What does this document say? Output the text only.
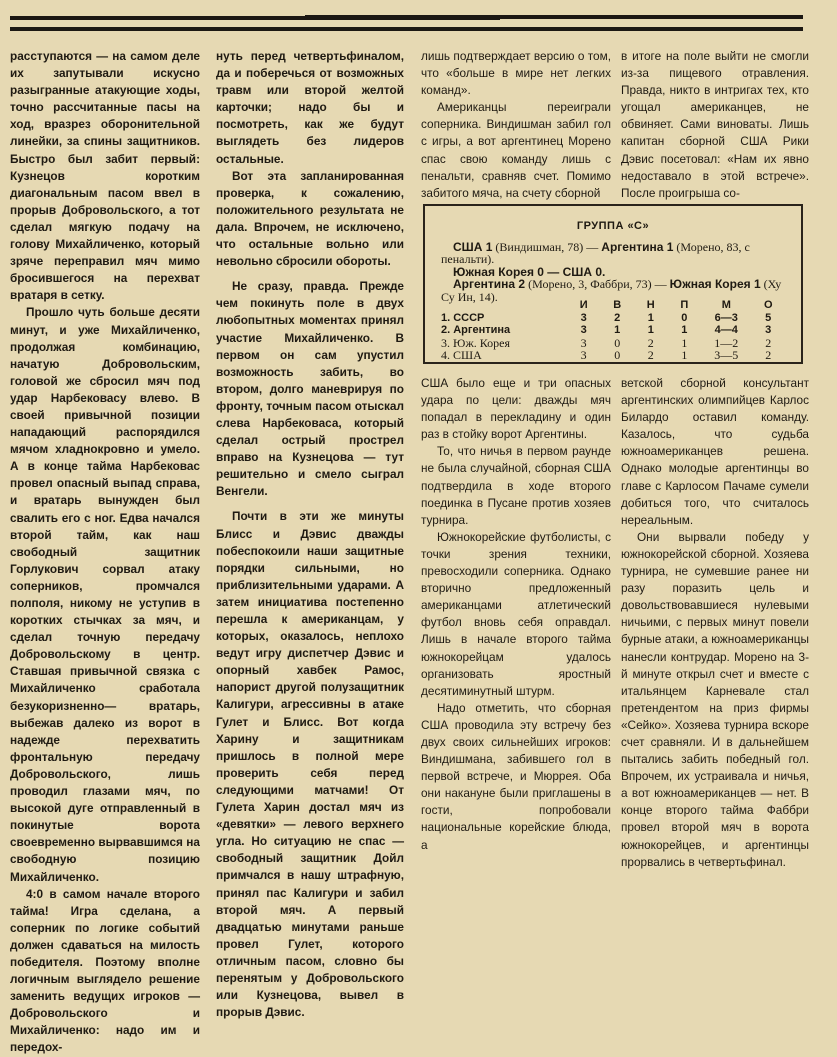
расступаются — на самом деле их запутывали искусно разыгранные атакующие ходы, точно рассчитанные пасы на ход, вразрез оборонительной линейки, за спины защитников. Быстро был забит первый: Кузнецов коротким диагональным пасом ввел в прорыв Добровольского, а тот сделал мягкую подачу на голову Михайличенко, который зряче переправил мяч мимо бросившегося на перехват вратаря в сетку.

Прошло чуть больше десяти минут, и уже Михайличенко, продолжая комбинацию, начатую Добровольским, головой же сбросил мяч под удар Нарбековасу влево. В своей привычной позиции нападающий распорядился мячом хладнокровно и умело. А в конце тайма Нарбековас провел опасный выпад справа, и вратарь вынужден был свалить его с ног. Едва начался второй тайм, как наш свободный защитник Горлукович сорвал атаку соперников, промчался полполя, никому не уступив в коротких стычках за мяч, и сделал точную передачу Добровольскому в центр. Ставшая привычной связка с Михайличенко сработала безукоризненно— вратарь, выбежав далеко из ворот в надежде перехватить фронтальную передачу Добровольского, лишь проводил глазами мяч, по высокой дуге отправленный в покинутые ворота своевременно вырвавшимся на свободную позицию Михайличенко.

4:0 в самом начале второго тайма! Игра сделана, а соперник по логике событий должен сдаваться на милость победителя. Поэтому вполне логичным выглядело решение заменить ведущих игроков — Добровольского и Михайличенко: надо им и передох-

нуть перед четвертьфиналом, да и поберечься от возможных травм или второй желтой карточки; надо бы и посмотреть, как же будут выглядеть без лидеров остальные.

Вот эта запланированная проверка, к сожалению, положительного результата не дала. Впрочем, не исключено, что остальные вольно или невольно сбросили обороты.

Не сразу, правда. Прежде чем покинуть поле в двух любопытных моментах принял участие Михайличенко. В первом он сам упустил возможность забить, во втором, долго маневрируя по фронту, точным пасом отыскал слева Нарбековаса, который сделал острый прострел вправо на Кузнецова — тут решительно и смело сыграл Венгели.

Почти в эти же минуты Блисс и Дэвис дважды побеспокоили наши защитные порядки сильными, но приблизительными ударами. А затем инициатива постепенно перешла к американцам, у которых, оказалось, неплохо ведут игру диспетчер Дэвис и опорный хавбек Рамос, напорист другой полузащитник Калигури, агрессивны в атаке Гулет и Блисс. Вот когда Харину и защитникам пришлось в полной мере проверить себя перед следующими матчами! От Гулета Харин достал мяч из «девятки» — левого верхнего угла. Но ситуацию не спас — свободный защитник Дойл примчался в нашу штрафную, принял пас Калигури и забил второй мяч. А первый двадцатью минутами раньше провел Гулет, которого отличным пасом, словно бы перенятым у Добровольского или Кузнецова, вывел в прорыв Дэвис.

лишь подтверждает версию о том, что «больше в мире нет легких команд».

Американцы переиграли соперника. Виндишман забил гол с игры, а вот аргентинец Морено спас свою команду лишь с пенальти, сравняв счет. Помимо забитого мяча, на счету сборной

в итоге на поле выйти не смогли из-за пищевого отравления. Правда, никто в интригах тех, кто угощал американцев, не обвиняет. Сами виноваты. Лишь капитан сборной США Рики Дэвис посетовал: «Нам их явно недоставало в этой встрече». После проигрыша со-

ГРУППА «С»

США 1 (Виндишман, 78) — Аргентина 1 (Морено, 83, с пенальти).

Южная Корея 0 — США 0.

Аргентина 2 (Морено, 3, Фаббри, 73) — Южная Корея 1 (Ху Су Ин, 14).

И	В	Н	П	М	О
1. СССР	3	2	1	0	6—3	5
2. Аргентина	3	1	1	1	4—4	3
3. Юж. Корея	3	0	2	1	1—2	2
4. США	3	0	2	1	3—5	2

США было еще и три опасных удара по цели: дважды мяч попадал в перекладину и один раз в стойку ворот Аргентины.

То, что ничья в первом раунде не была случайной, сборная США подтвердила в ходе второго поединка в Пусане против хозяев турнира.

Южнокорейские футболисты, с точки зрения техники, превосходили соперника. Однако вторично предложенный американцами атлетический футбол вновь себя оправдал. Лишь в начале второго тайма южнокорейцам удалось организовать яростный десятиминутный штурм.

Надо отметить, что сборная США проводила эту встречу без двух своих сильнейших игроков: Виндишмана, забившего гол в первой встрече, и Мюррея. Оба они накануне были приглашены в гости, попробовали национальные корейские блюда, а

ветской сборной консультант аргентинских олимпийцев Карлос Билардо оставил команду. Казалось, что судьба южноамериканцев решена. Однако молодые аргентинцы во главе с Карлосом Пачаме сумели добиться того, что считалось нереальным.

Они вырвали победу у южнокорейской сборной. Хозяева турнира, не сумевшие ранее ни разу поразить цель и довольствовавшиеся нулевыми ничьими, с первых минут повели бурные атаки, а южноамериканцы нанесли контрудар. Морено на 3-й минуте открыл счет и вместе с итальянцем Карневале стал претендентом на приз фирмы «Сейко». Хозяева турнира вскоре счет сравняли. И в дальнейшем пытались забить победный гол. Впрочем, их устраивала и ничья, а вот южноамериканцев — нет. В конце второго тайма Фаббри провел второй мяч в ворота южнокорейцев, и аргентинцы прорвались в четвертьфинал.
